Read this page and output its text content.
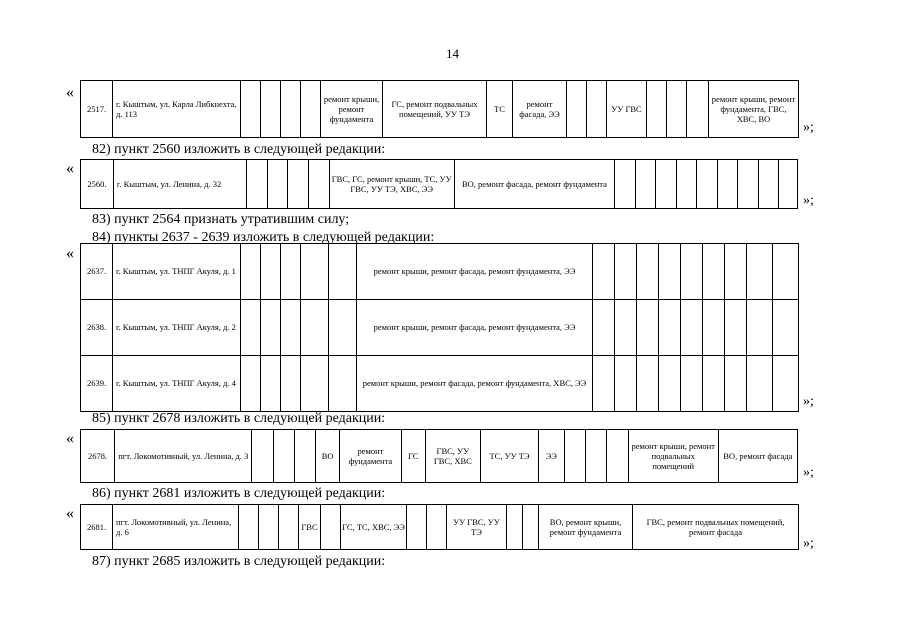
14
«
2517.	г. Кыштым, ул. Карла Либкнехта, д. 113					ремонт крыши, ремонт фундамента	ГС, ремонт подвальных помещений, УУ ТЭ	ТС	ремонт фасада, ЭЭ			УУ ГВС				ремонт крыши, ремонт фундамента, ГВС, ХВС, ВО
»;
82) пункт 2560 изложить в следующей редакции:
«
2560.	г. Кыштым, ул. Ленина, д. 32					ГВС, ГС, ремонт крыши, ТС, УУ ГВС, УУ ТЭ, ХВС, ЭЭ	ВО, ремонт фасада, ремонт фундамента									
»;
83) пункт 2564 признать утратившим силу;
84) пункты 2637 - 2639 изложить в следующей редакции:
«
2637.	г. Кыштым, ул. ТНПГ Акуля, д. 1						ремонт крыши, ремонт фасада, ремонт фундамента, ЭЭ									
2638.	г. Кыштым, ул. ТНПГ Акуля, д. 2						ремонт крыши, ремонт фасада, ремонт фундамента, ЭЭ									
2639.	г. Кыштым, ул. ТНПГ Акуля, д. 4						ремонт крыши, ремонт фасада, ремонт фундамента, ХВС, ЭЭ									
»;
85) пункт 2678 изложить в следующей редакции:
«
2678.	пгт. Локомотивный, ул. Ленина, д. 3				ВО	ремонт фундамента	ГС	ГВС, УУ ГВС, ХВС	ТС, УУ ТЭ	ЭЭ				ремонт крыши, ремонт подвальных помещений	ВО, ремонт фасада
»;
86) пункт 2681 изложить в следующей редакции:
«
2681.	пгт. Локомотивный, ул. Ленина, д. 6				ГВС		ГС, ТС, ХВС, ЭЭ			УУ ГВС, УУ ТЭ			ВО, ремонт крыши, ремонт фундамента	ГВС, ремонт подвальных помещений, ремонт фасада
»;
87) пункт 2685 изложить в следующей редакции:
